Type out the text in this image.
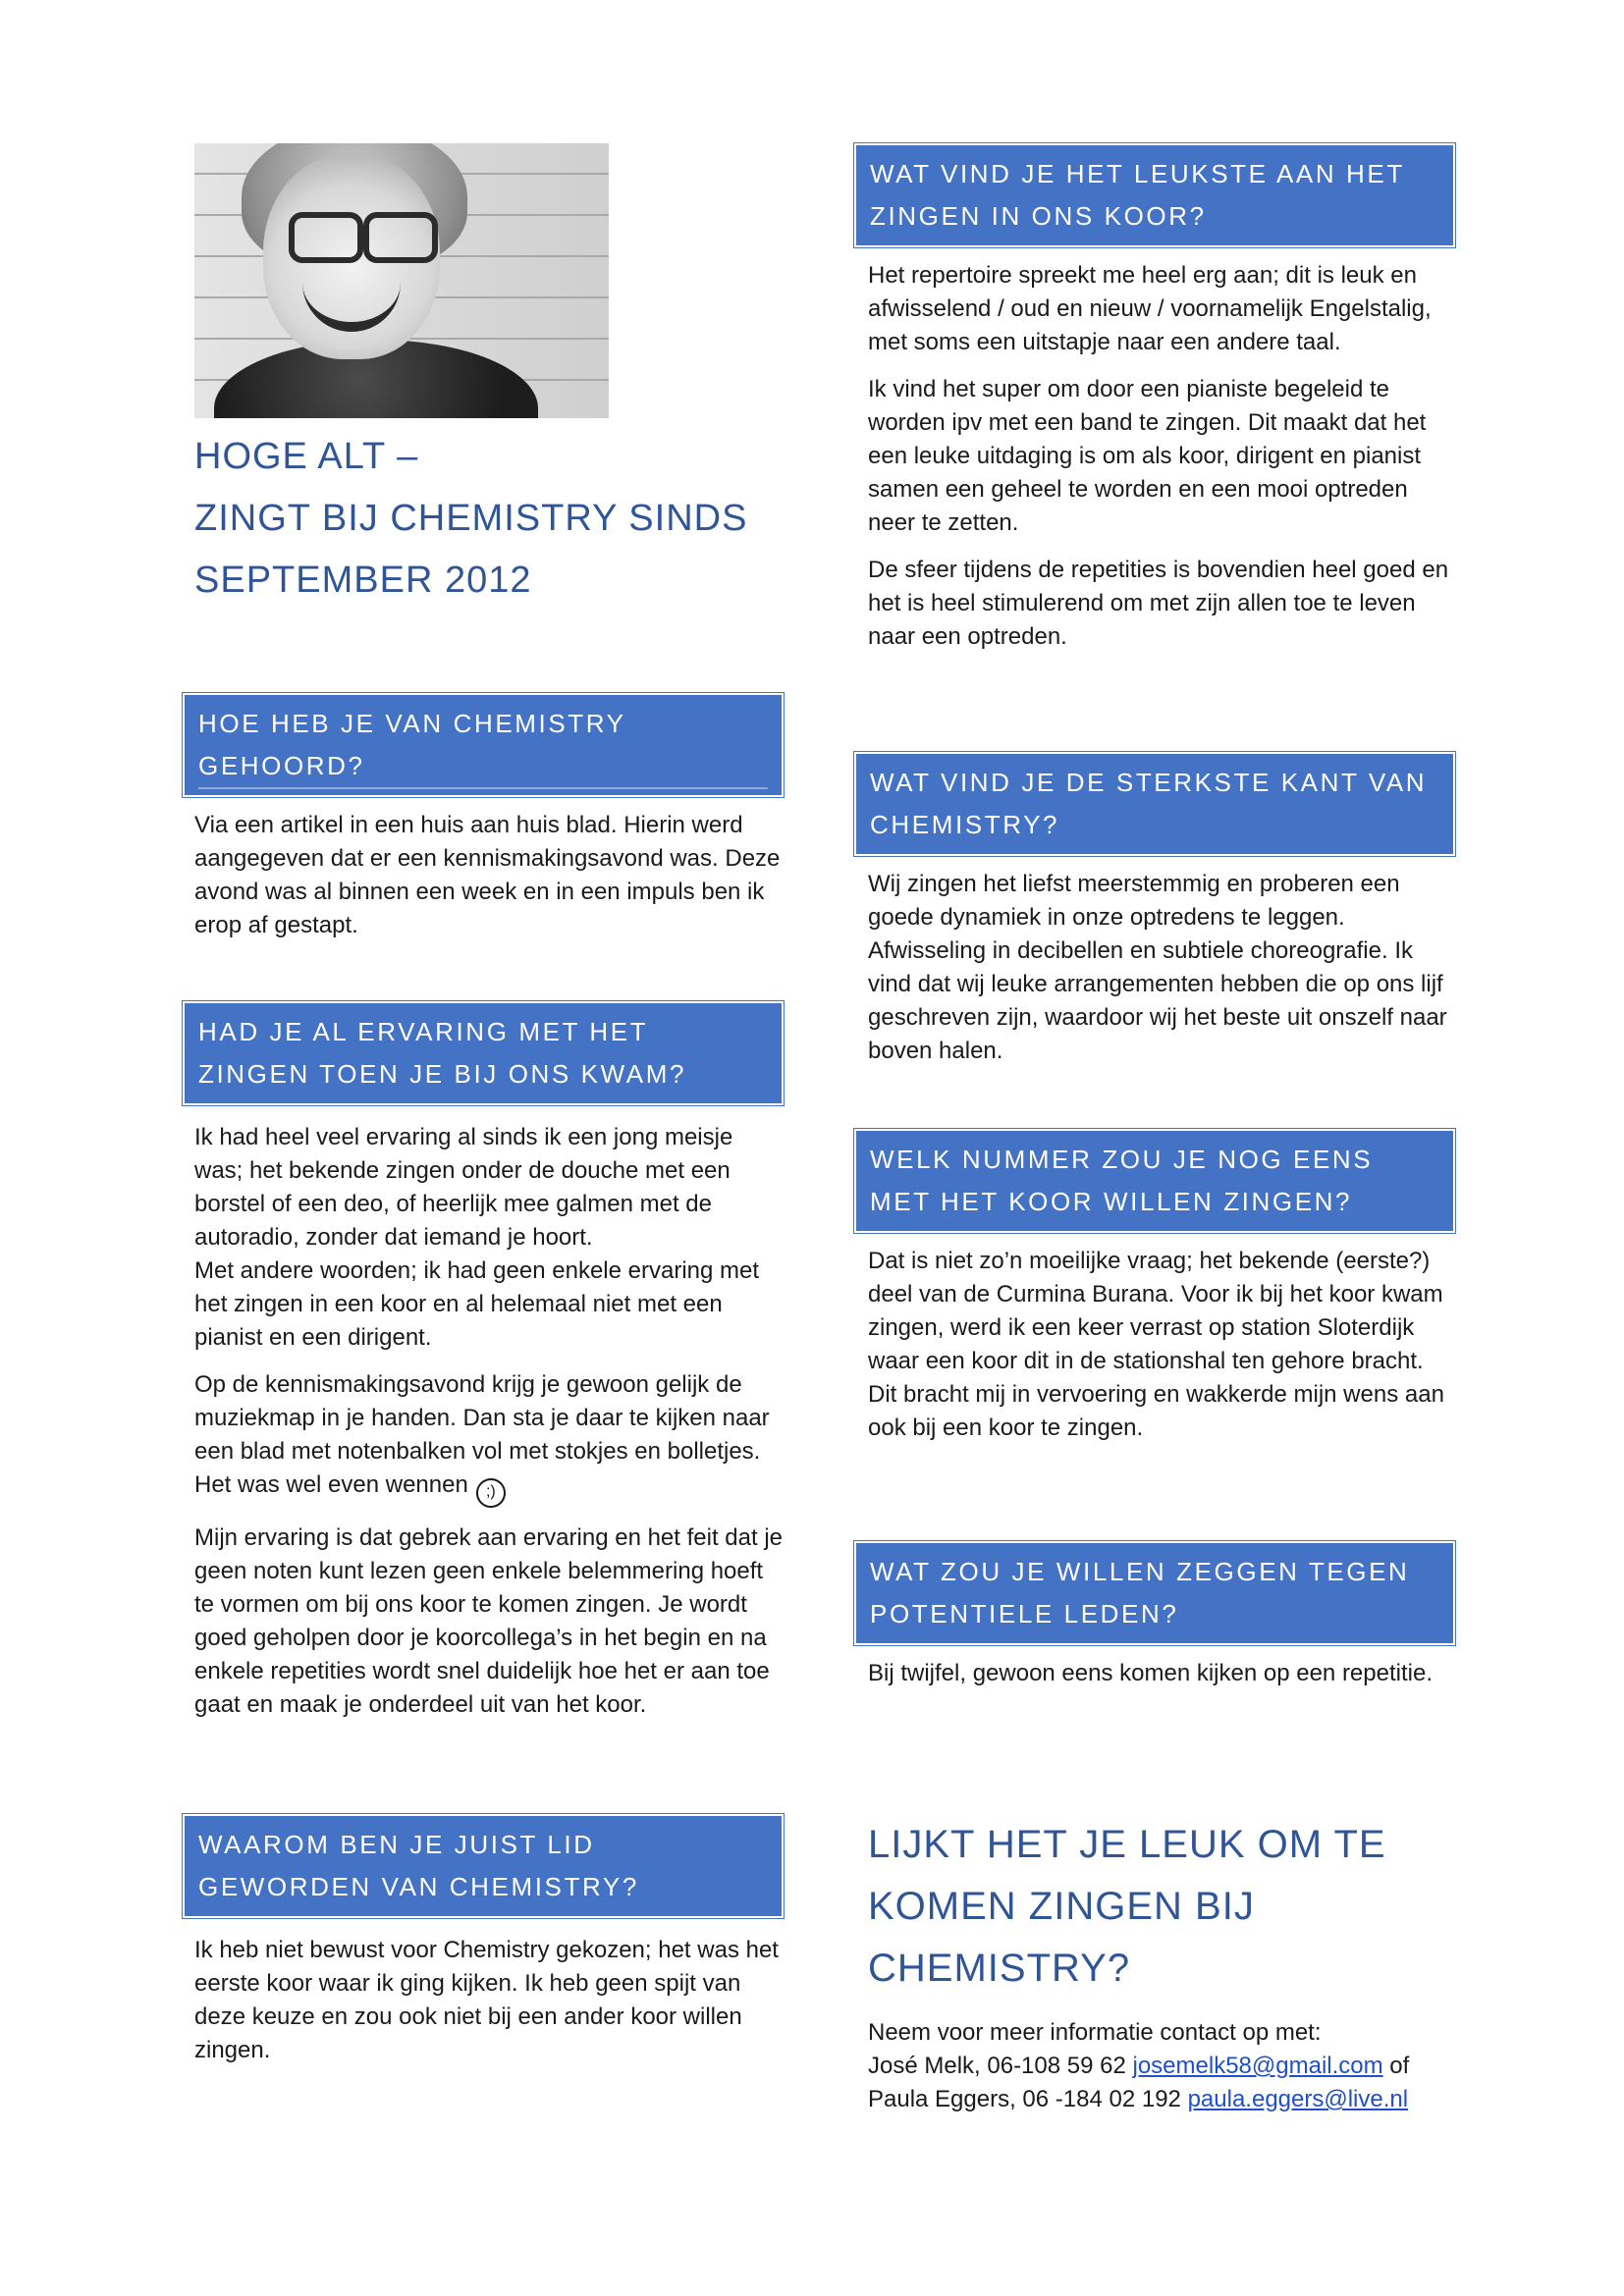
HOGE ALT –
ZINGT BIJ CHEMISTRY SINDS
SEPTEMBER 2012
HOE HEB JE VAN CHEMISTRY GEHOORD?

Via een artikel in een huis aan huis blad. Hierin werd aangegeven dat er een kennismakingsavond was. Deze avond was al binnen een week en in een impuls ben ik erop af gestapt.

HAD JE AL ERVARING MET HET ZINGEN TOEN JE BIJ ONS KWAM?

Ik had heel veel ervaring al sinds ik een jong meisje was; het bekende zingen onder de douche met een borstel of een deo, of heerlijk mee galmen met de autoradio, zonder dat iemand je hoort.

Met andere woorden; ik had geen enkele ervaring met het zingen in een koor en al helemaal niet met een pianist en een dirigent.

Op de kennismakingsavond krijg je gewoon gelijk de muziekmap in je handen. Dan sta je daar te kijken naar een blad met notenbalken vol met stokjes en bolletjes. Het was wel even wennen ;)

Mijn ervaring is dat gebrek aan ervaring en het feit dat je geen noten kunt lezen geen enkele belemmering hoeft te vormen om bij ons koor te komen zingen. Je wordt goed geholpen door je koorcollega’s in het begin en na enkele repetities wordt snel duidelijk hoe het er aan toe gaat en maak je onderdeel uit van het koor.

WAAROM BEN JE JUIST LID GEWORDEN VAN CHEMISTRY?

Ik heb niet bewust voor Chemistry gekozen; het was het eerste koor waar ik ging kijken. Ik heb geen spijt van deze keuze en zou ook niet bij een ander koor willen zingen.

WAT VIND JE HET LEUKSTE AAN HET ZINGEN IN ONS KOOR?

Het repertoire spreekt me heel erg aan; dit is leuk en afwisselend / oud en nieuw / voornamelijk Engelstalig, met soms een uitstapje naar een andere taal.

Ik vind het super om door een pianiste begeleid te worden ipv met een band te zingen. Dit maakt dat het een leuke uitdaging is om als koor, dirigent en pianist samen een geheel te worden en een mooi optreden neer te zetten.

De sfeer tijdens de repetities is bovendien heel goed en het is heel stimulerend om met zijn allen toe te leven naar een optreden.

WAT VIND JE DE STERKSTE KANT VAN CHEMISTRY?

Wij zingen het liefst meerstemmig en proberen een goede dynamiek in onze optredens te leggen. Afwisseling in decibellen en subtiele choreografie. Ik vind dat wij leuke arrangementen hebben die op ons lijf geschreven zijn, waardoor wij het beste uit onszelf naar boven halen.

WELK NUMMER ZOU JE NOG EENS MET HET KOOR WILLEN ZINGEN?

Dat is niet zo’n moeilijke vraag; het bekende (eerste?) deel van de Curmina Burana. Voor ik bij het koor kwam zingen, werd ik een keer verrast op station Sloterdijk waar een koor dit in de stationshal ten gehore bracht. Dit bracht mij in vervoering en wakkerde mijn wens aan ook bij een koor te zingen.

WAT ZOU JE WILLEN ZEGGEN TEGEN POTENTIELE LEDEN?

Bij twijfel, gewoon eens komen kijken op een repetitie.

LIJKT HET JE LEUK OM TE
KOMEN ZINGEN BIJ
CHEMISTRY?
Neem voor meer informatie contact op met:
José Melk, 06-108 59 62 josemelk58@gmail.com of
Paula Eggers, 06 -184 02 192 paula.eggers@live.nl
